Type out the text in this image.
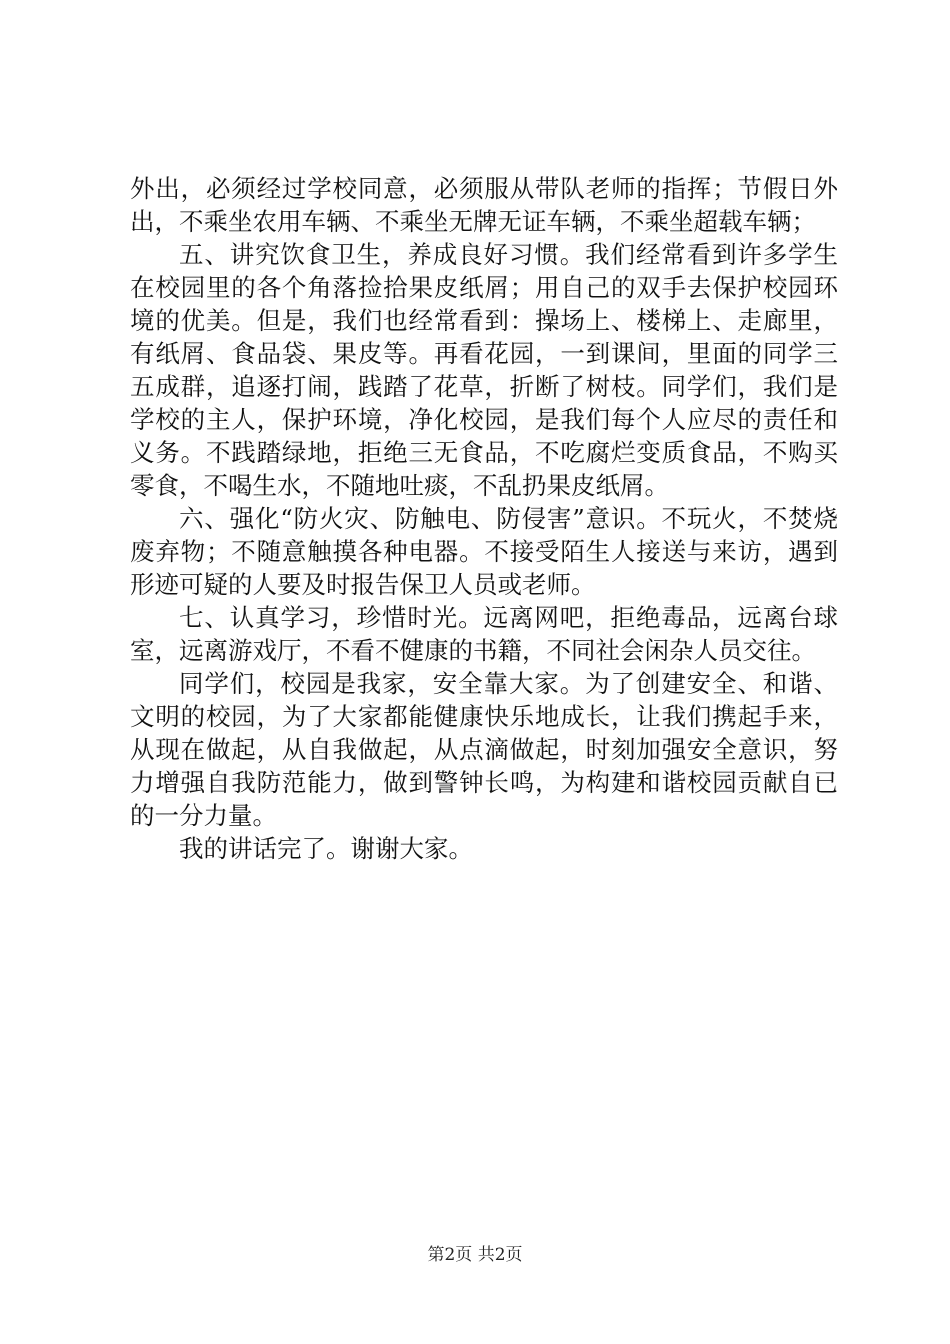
外出，必须经过学校同意，必须服从带队老师的指挥；节假日外出，不乘坐农用车辆、不乘坐无牌无证车辆，不乘坐超载车辆；

五、讲究饮食卫生，养成良好习惯。我们经常看到许多学生在校园里的各个角落捡拾果皮纸屑；用自己的双手去保护校园环境的优美。但是，我们也经常看到：操场上、楼梯上、走廊里，有纸屑、食品袋、果皮等。再看花园，一到课间，里面的同学三五成群，追逐打闹，践踏了花草，折断了树枝。同学们，我们是学校的主人，保护环境，净化校园，是我们每个人应尽的责任和义务。不践踏绿地，拒绝三无食品，不吃腐烂变质食品，不购买零食，不喝生水，不随地吐痰，不乱扔果皮纸屑。

六、强化“防火灾、防触电、防侵害”意识。不玩火，不焚烧废弃物；不随意触摸各种电器。不接受陌生人接送与来访，遇到形迹可疑的人要及时报告保卫人员或老师。

七、认真学习，珍惜时光。远离网吧，拒绝毒品，远离台球室，远离游戏厅，不看不健康的书籍，不同社会闲杂人员交往。

同学们，校园是我家，安全靠大家。为了创建安全、和谐、文明的校园，为了大家都能健康快乐地成长，让我们携起手来，从现在做起，从自我做起，从点滴做起，时刻加强安全意识，努力增强自我防范能力，做到警钟长鸣，为构建和谐校园贡献自已的一分力量。

我的讲话完了。谢谢大家。

第2页 共2页
